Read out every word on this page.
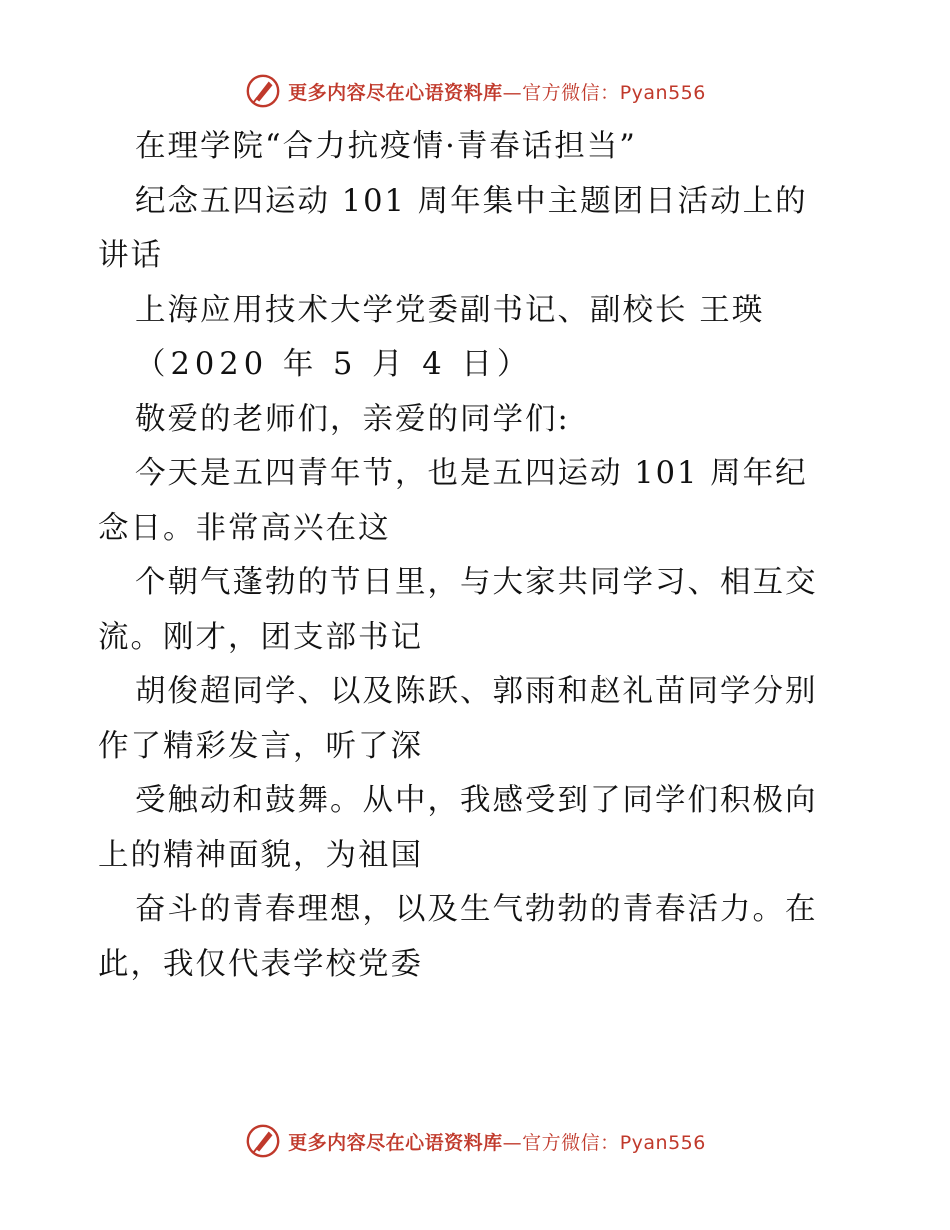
更多内容尽在心语资料库—官方微信：Pyan556

在理学院“合力抗疫情·青春话担当”

纪念五四运动 101 周年集中主题团日活动上的

讲话

上海应用技术大学党委副书记、副校长 王瑛

（2020 年 5 月 4 日）

敬爱的老师们，亲爱的同学们:

今天是五四青年节，也是五四运动 101 周年纪

念日。非常高兴在这

个朝气蓬勃的节日里，与大家共同学习、相互交

流。刚才，团支部书记

胡俊超同学、以及陈跃、郭雨和赵礼苗同学分别

作了精彩发言，听了深

受触动和鼓舞。从中，我感受到了同学们积极向

上的精神面貌，为祖国

奋斗的青春理想，以及生气勃勃的青春活力。在

此，我仅代表学校党委

更多内容尽在心语资料库—官方微信：Pyan556
